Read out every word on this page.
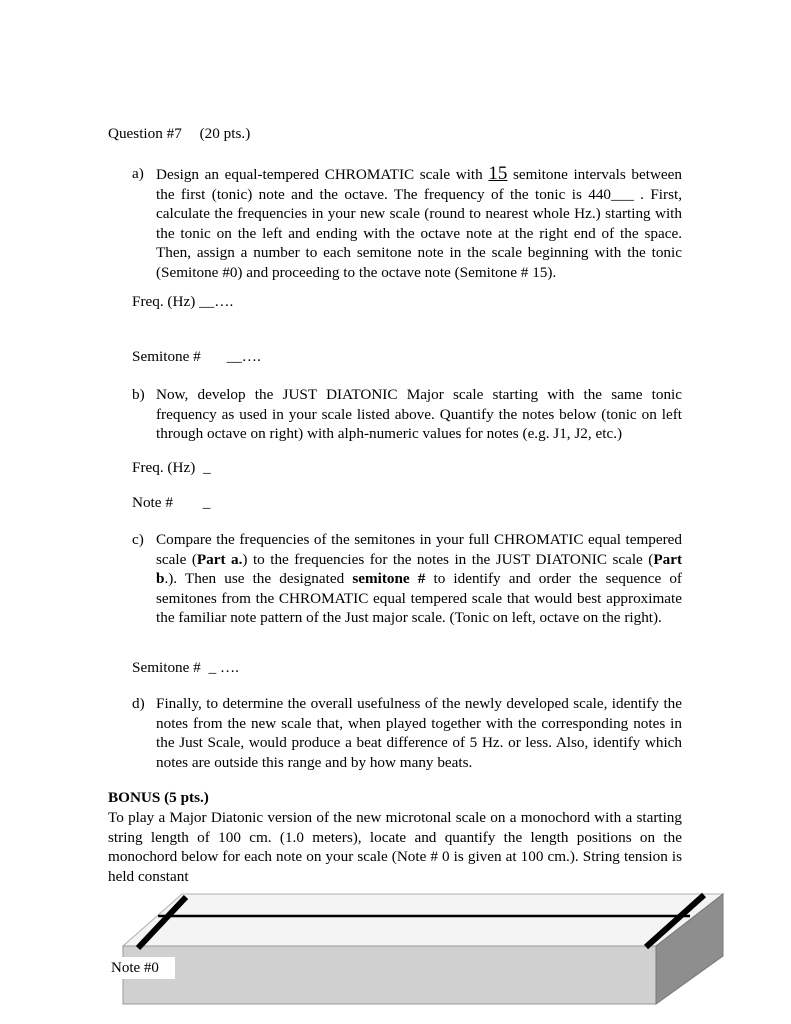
Question #7 (20 pts.)
a) Design an equal-tempered CHROMATIC scale with 15 semitone intervals between the first (tonic) note and the octave. The frequency of the tonic is 440___ . First, calculate the frequencies in your new scale (round to nearest whole Hz.) starting with the tonic on the left and ending with the octave note at the right end of the space. Then, assign a number to each semitone note in the scale beginning with the tonic (Semitone #0) and proceeding to the octave note (Semitone # 15).
Freq. (Hz) __….
Semitone # __….
b) Now, develop the JUST DIATONIC Major scale starting with the same tonic frequency as used in your scale listed above. Quantify the notes below (tonic on left through octave on right) with alph-numeric values for notes (e.g. J1, J2, etc.)
Freq. (Hz) _
Note # _
c) Compare the frequencies of the semitones in your full CHROMATIC equal tempered scale (Part a.) to the frequencies for the notes in the JUST DIATONIC scale (Part b.). Then use the designated semitone # to identify and order the sequence of semitones from the CHROMATIC equal tempered scale that would best approximate the familiar note pattern of the Just major scale. (Tonic on left, octave on the right).
Semitone # _ ….
d) Finally, to determine the overall usefulness of the newly developed scale, identify the notes from the new scale that, when played together with the corresponding notes in the Just Scale, would produce a beat difference of 5 Hz. or less. Also, identify which notes are outside this range and by how many beats.
BONUS (5 pts.)
To play a Major Diatonic version of the new microtonal scale on a monochord with a starting string length of 100 cm. (1.0 meters), locate and quantify the length positions on the monochord below for each note on your scale (Note # 0 is given at 100 cm.). String tension is held constant
Note #0
